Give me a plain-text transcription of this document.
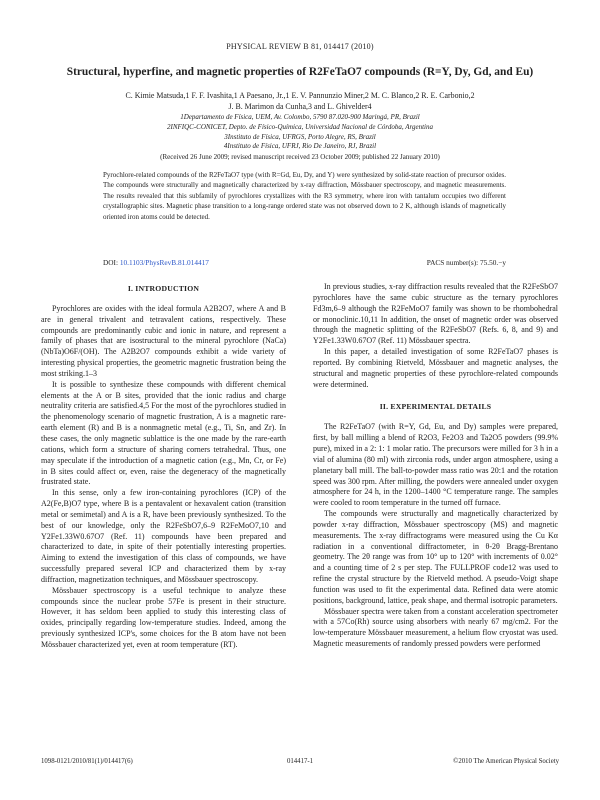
PHYSICAL REVIEW B 81, 014417 (2010)
Structural, hyperfine, and magnetic properties of R2FeTaO7 compounds (R=Y, Dy, Gd, and Eu)
C. Kimie Matsuda,1 F. F. Ivashita,1 A Paesano, Jr.,1 E. V. Pannunzio Miner,2 M. C. Blanco,2 R. E. Carbonio,2
J. B. Marimon da Cunha,3 and L. Ghivelder4
1Departamento de Física, UEM, Av. Colombo, 5790 87.020-900 Maringá, PR, Brazil
2INFIQC-CONICET, Depto. de Físico-Química, Universidad Nacional de Córdoba, Argentina
3Instituto de Física, UFRGS, Porto Alegre, RS, Brazil
4Instituto de Física, UFRJ, Rio De Janeiro, RJ, Brazil
(Received 26 June 2009; revised manuscript received 23 October 2009; published 22 January 2010)
Pyrochlore-related compounds of the R2FeTaO7 type (with R=Gd, Eu, Dy, and Y) were synthesized by solid-state reaction of precursor oxides. The compounds were structurally and magnetically characterized by x-ray diffraction, Mössbauer spectroscopy, and magnetic measurements. The results revealed that this subfamily of pyrochlores crystallizes with the R3 symmetry, where iron with tantalum occupies two different crystallographic sites. Magnetic phase transition to a long-range ordered state was not observed down to 2 K, although islands of magnetically oriented iron atoms could be detected.
DOI: 10.1103/PhysRevB.81.014417	PACS number(s): 75.50.−y
I. INTRODUCTION

Pyrochlores are oxides with the ideal formula A2B2O7, where A and B are in general trivalent and tetravalent cations, respectively. These compounds are predominantly cubic and ionic in nature, and represent a family of phases that are isostructural to the mineral pyrochlore (NaCa)(NbTa)O6F/(OH). The A2B2O7 compounds exhibit a wide variety of interesting physical properties, the geometric magnetic frustration being the most striking.1–3

It is possible to synthesize these compounds with different chemical elements at the A or B sites, provided that the ionic radius and charge neutrality criteria are satisfied.4,5 For the most of the pyrochlores studied in the phenomenology scenario of magnetic frustration, A is a magnetic rare-earth element (R) and B is a nonmagnetic metal (e.g., Ti, Sn, and Zr). In these cases, the only magnetic sublattice is the one made by the rare-earth cations, which form a structure of sharing corners tetrahedral. Thus, one may speculate if the introduction of a magnetic cation (e.g., Mn, Cr, or Fe) in B sites could affect or, even, raise the degeneracy of the magnetically frustrated state.

In this sense, only a few iron-containing pyrochlores (ICP) of the A2(Fe,B)O7 type, where B is a pentavalent or hexavalent cation (transition metal or semimetal) and A is a R, have been previously synthesized. To the best of our knowledge, only the R2FeSbO7,6–9 R2FeMoO7,10 and Y2Fe1.33W0.67O7 (Ref. 11) compounds have been prepared and characterized to date, in spite of their potentially interesting properties. Aiming to extend the investigation of this class of compounds, we have successfully prepared several ICP and characterized them by x-ray diffraction, magnetization techniques, and Mössbauer spectroscopy.

Mössbauer spectroscopy is a useful technique to analyze these compounds since the nuclear probe 57Fe is present in their structure. However, it has seldom been applied to study this interesting class of oxides, principally regarding low-temperature studies. Indeed, among the previously synthesized ICP's, some choices for the B atom have not been Mössbauer characterized yet, even at room temperature (RT).

In previous studies, x-ray diffraction results revealed that the R2FeSbO7 pyrochlores have the same cubic structure as the ternary pyrochlores Fd3m,6–9 although the R2FeMoO7 family was shown to be rhombohedral or monoclinic.10,11 In addition, the onset of magnetic order was observed through the magnetic splitting of the R2FeSbO7 (Refs. 6, 8, and 9) and Y2Fe1.33W0.67O7 (Ref. 11) Mössbauer spectra.

In this paper, a detailed investigation of some R2FeTaO7 phases is reported. By combining Rietveld, Mössbauer and magnetic analyses, the structural and magnetic properties of these pyrochlore-related compounds were determined.

II. EXPERIMENTAL DETAILS

The R2FeTaO7 (with R=Y, Gd, Eu, and Dy) samples were prepared, first, by ball milling a blend of R2O3, Fe2O3 and Ta2O5 powders (99.9% pure), mixed in a 2: 1: 1 molar ratio. The precursors were milled for 3 h in a vial of alumina (80 ml) with zirconia rods, under argon atmosphere, using a planetary ball mill. The ball-to-powder mass ratio was 20:1 and the rotation speed was 300 rpm. After milling, the powders were annealed under oxygen atmosphere for 24 h, in the 1200–1400 °C temperature range. The samples were cooled to room temperature in the turned off furnace.

The compounds were structurally and magnetically characterized by powder x-ray diffraction, Mössbauer spectroscopy (MS) and magnetic measurements. The x-ray diffractograms were measured using the Cu Kα radiation in a conventional diffractometer, in θ-2θ Bragg-Brentano geometry. The 2θ range was from 10° up to 120° with increments of 0.02° and a counting time of 2 s per step. The FULLPROF code12 was used to refine the crystal structure by the Rietveld method. A pseudo-Voigt shape function was used to fit the experimental data. Refined data were atomic positions, background, lattice, peak shape, and thermal isotropic parameters.

Mössbauer spectra were taken from a constant acceleration spectrometer with a 57Co(Rh) source using absorbers with nearly 67 mg/cm2. For the low-temperature Mössbauer measurement, a helium flow cryostat was used. Magnetic measurements of randomly pressed powders were performed

1098-0121/2010/81(1)/014417(6)	014417-1	©2010 The American Physical Society
